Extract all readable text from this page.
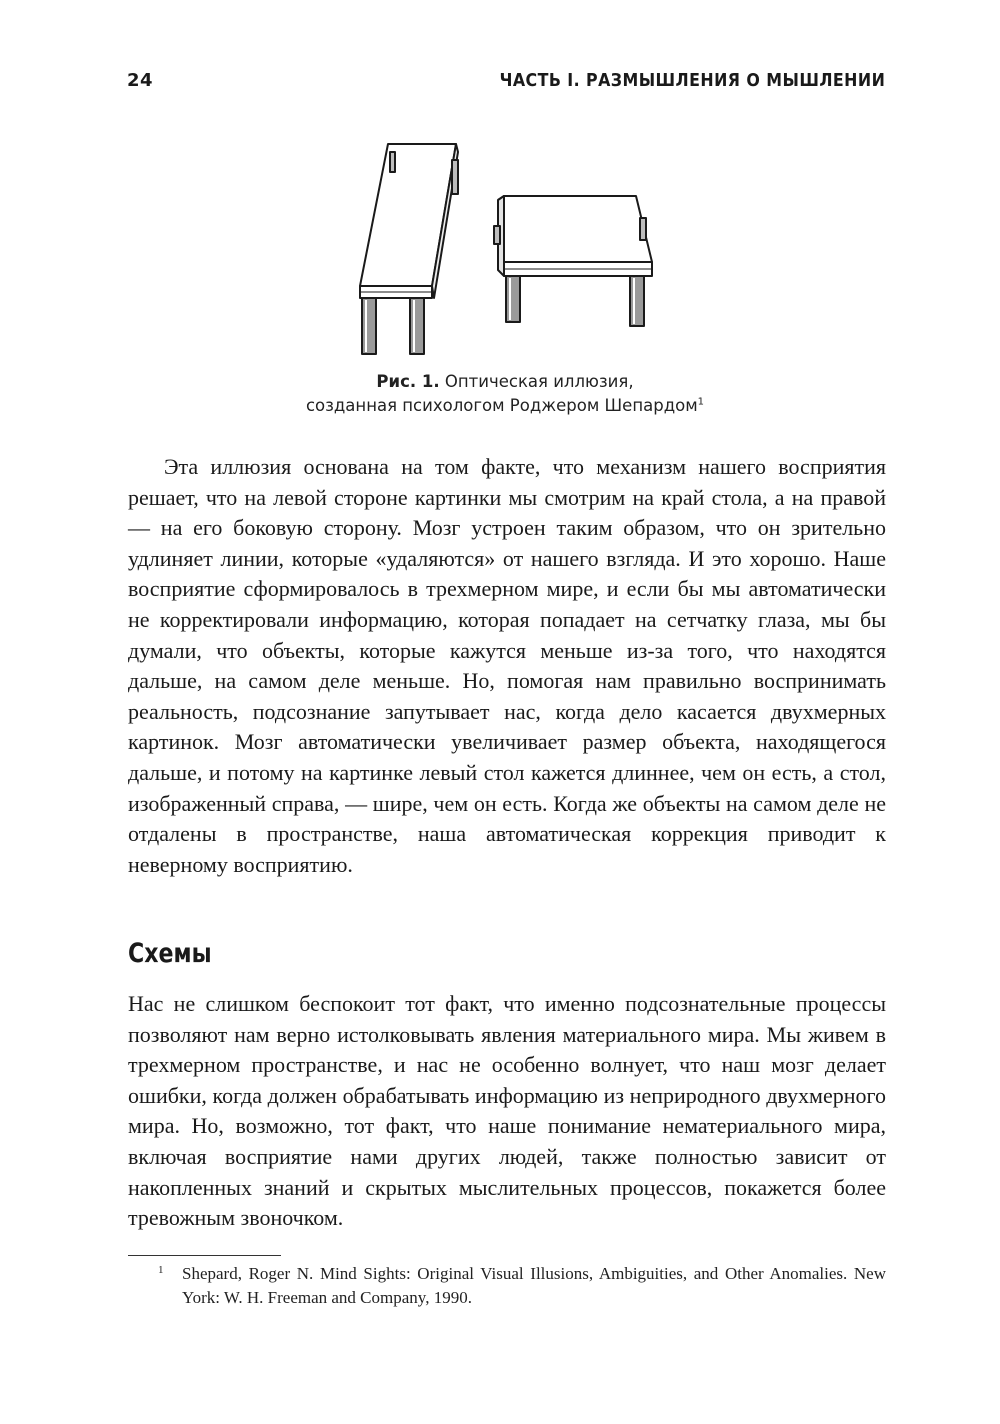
24	ЧАСТЬ I. РАЗМЫШЛЕНИЯ О МЫШЛЕНИИ
Рис. 1. Оптическая иллюзия,
созданная психологом Роджером Шепардом$^1$

Эта иллюзия основана на том факте, что механизм нашего восприятия решает, что на левой стороне картинки мы смотрим на край стола, а на правой — на его боковую сторону. Мозг устроен таким образом, что он зрительно удлиняет линии, которые «удаляются» от нашего взгляда. И это хорошо. Наше восприятие сформировалось в трехмерном мире, и если бы мы автоматически не корректировали информацию, которая попадает на сетчатку глаза, мы бы думали, что объекты, которые кажутся меньше из-за того, что находятся дальше, на самом деле меньше. Но, помогая нам правильно воспринимать реальность, подсознание запутывает нас, когда дело касается двухмерных картинок. Мозг автоматически увеличивает размер объекта, находящегося дальше, и потому на картинке левый стол кажется длиннее, чем он есть, а стол, изображенный справа, — шире, чем он есть. Когда же объекты на самом деле не отдалены в пространстве, наша автоматическая коррекция приводит к неверному восприятию.

Схемы

Нас не слишком беспокоит тот факт, что именно подсознательные процессы позволяют нам верно истолковывать явления материального мира. Мы живем в трехмерном пространстве, и нас не особенно волнует, что наш мозг делает ошибки, когда должен обрабатывать информацию из неприродного двухмерного мира. Но, возможно, тот факт, что наше понимание нематериального мира, включая восприятие нами других людей, также полностью зависит от накопленных знаний и скрытых мыслительных процессов, покажется более тревожным звоночком.

1 Shepard, Roger N. Mind Sights: Original Visual Illusions, Ambiguities, and Other Anomalies. New York: W. H. Freeman and Company, 1990.
